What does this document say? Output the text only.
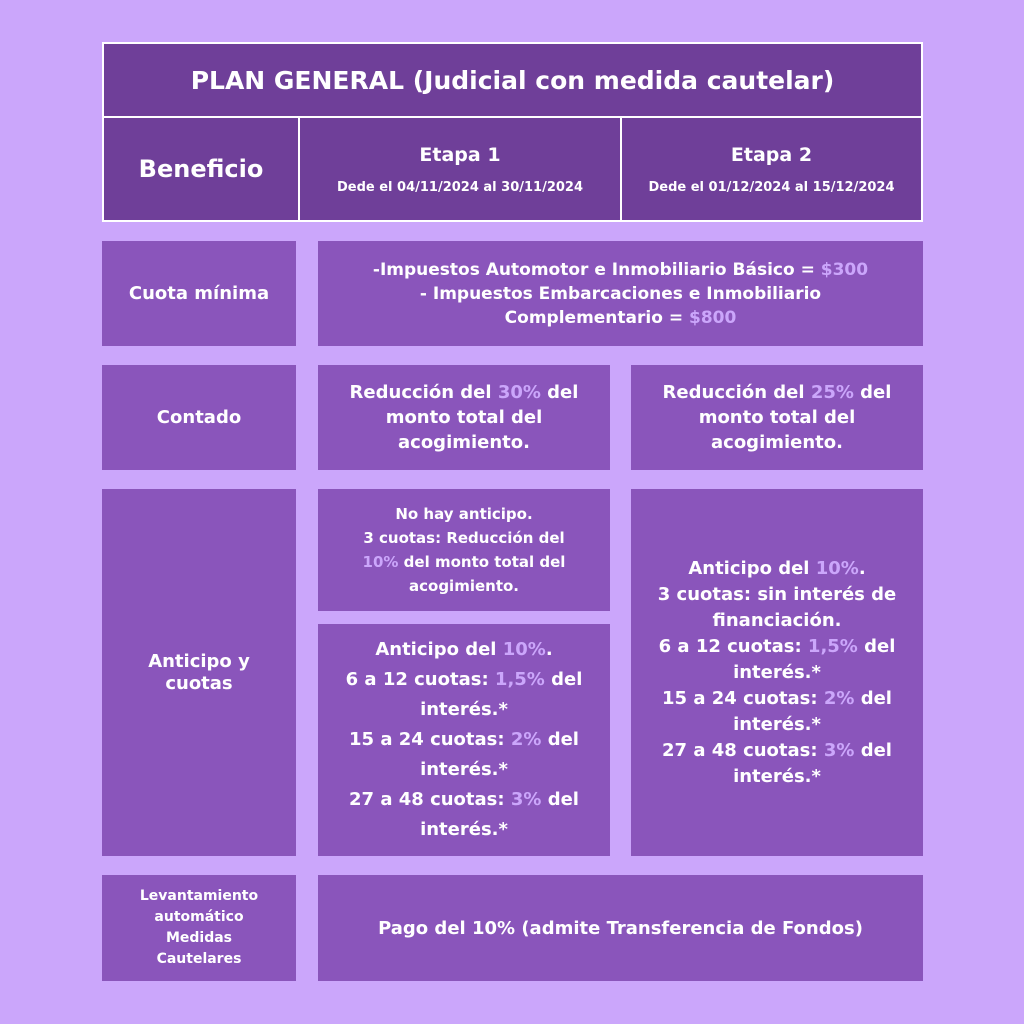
PLAN GENERAL (Judicial con medida cautelar)
Beneficio
Etapa 1
Dede el 04/11/2024 al 30/11/2024
Etapa 2
Dede el 01/12/2024 al 15/12/2024
Cuota mínima
-Impuestos Automotor e Inmobiliario Básico = $300
- Impuestos Embarcaciones e Inmobiliario
Complementario = $800
Contado
Reducción del 30% del
monto total del
acogimiento.
Reducción del 25% del
monto total del
acogimiento.
Anticipo y
cuotas
No hay anticipo.
3 cuotas: Reducción del
10% del monto total del
acogimiento.
Anticipo del 10%.
6 a 12 cuotas: 1,5% del
interés.*
15 a 24 cuotas: 2% del
interés.*
27 a 48 cuotas: 3% del
interés.*
Anticipo del 10%.
3 cuotas: sin interés de
financiación.
6 a 12 cuotas: 1,5% del
interés.*
15 a 24 cuotas: 2% del
interés.*
27 a 48 cuotas: 3% del
interés.*
Levantamiento
automático
Medidas
Cautelares
Pago del 10% (admite Transferencia de Fondos)
